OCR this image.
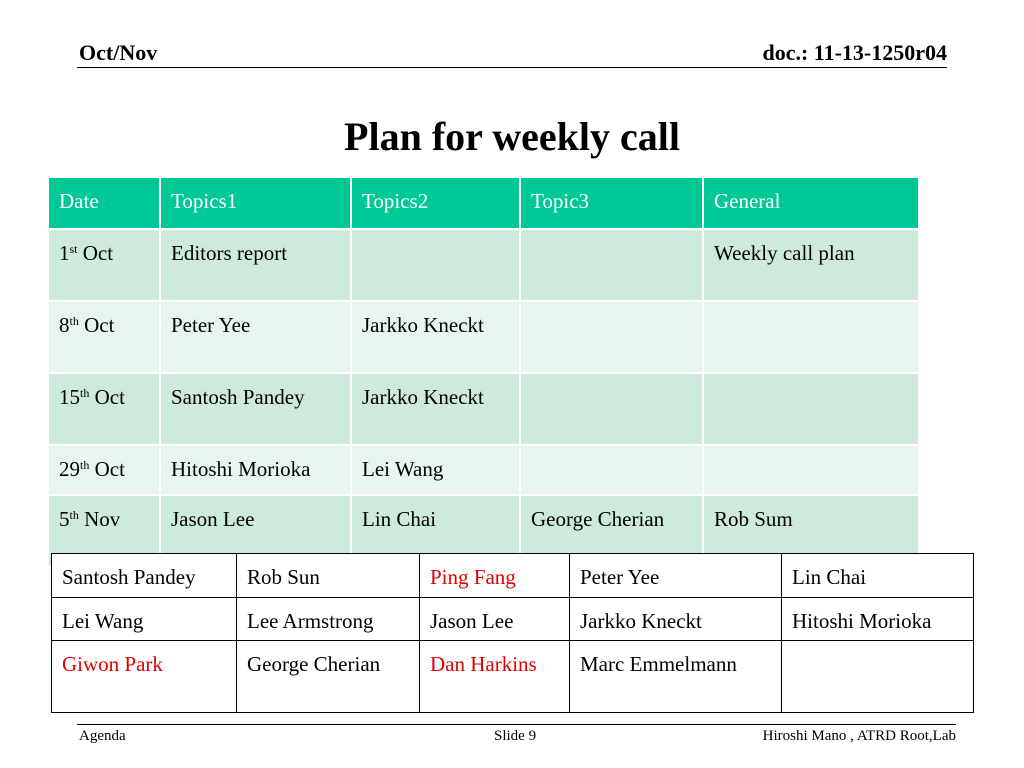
Oct/Nov	doc.: 11-13-1250r04
Plan for weekly call
Date	Topics1	Topics2	Topic3	General
1st Oct	Editors report			Weekly call plan
8th Oct	Peter Yee	Jarkko Kneckt		
15th Oct	Santosh Pandey	Jarkko Kneckt		
29th Oct	Hitoshi Morioka	Lei Wang		
5th Nov	Jason Lee	Lin Chai	George Cherian	Rob Sum
Santosh Pandey	Rob Sun	Ping Fang	Peter Yee	Lin Chai
Lei Wang	Lee Armstrong	Jason Lee	Jarkko Kneckt	Hitoshi Morioka
Giwon Park	George Cherian	Dan Harkins	Marc Emmelmann	
Agenda	Slide 9	Hiroshi Mano , ATRD Root,Lab
